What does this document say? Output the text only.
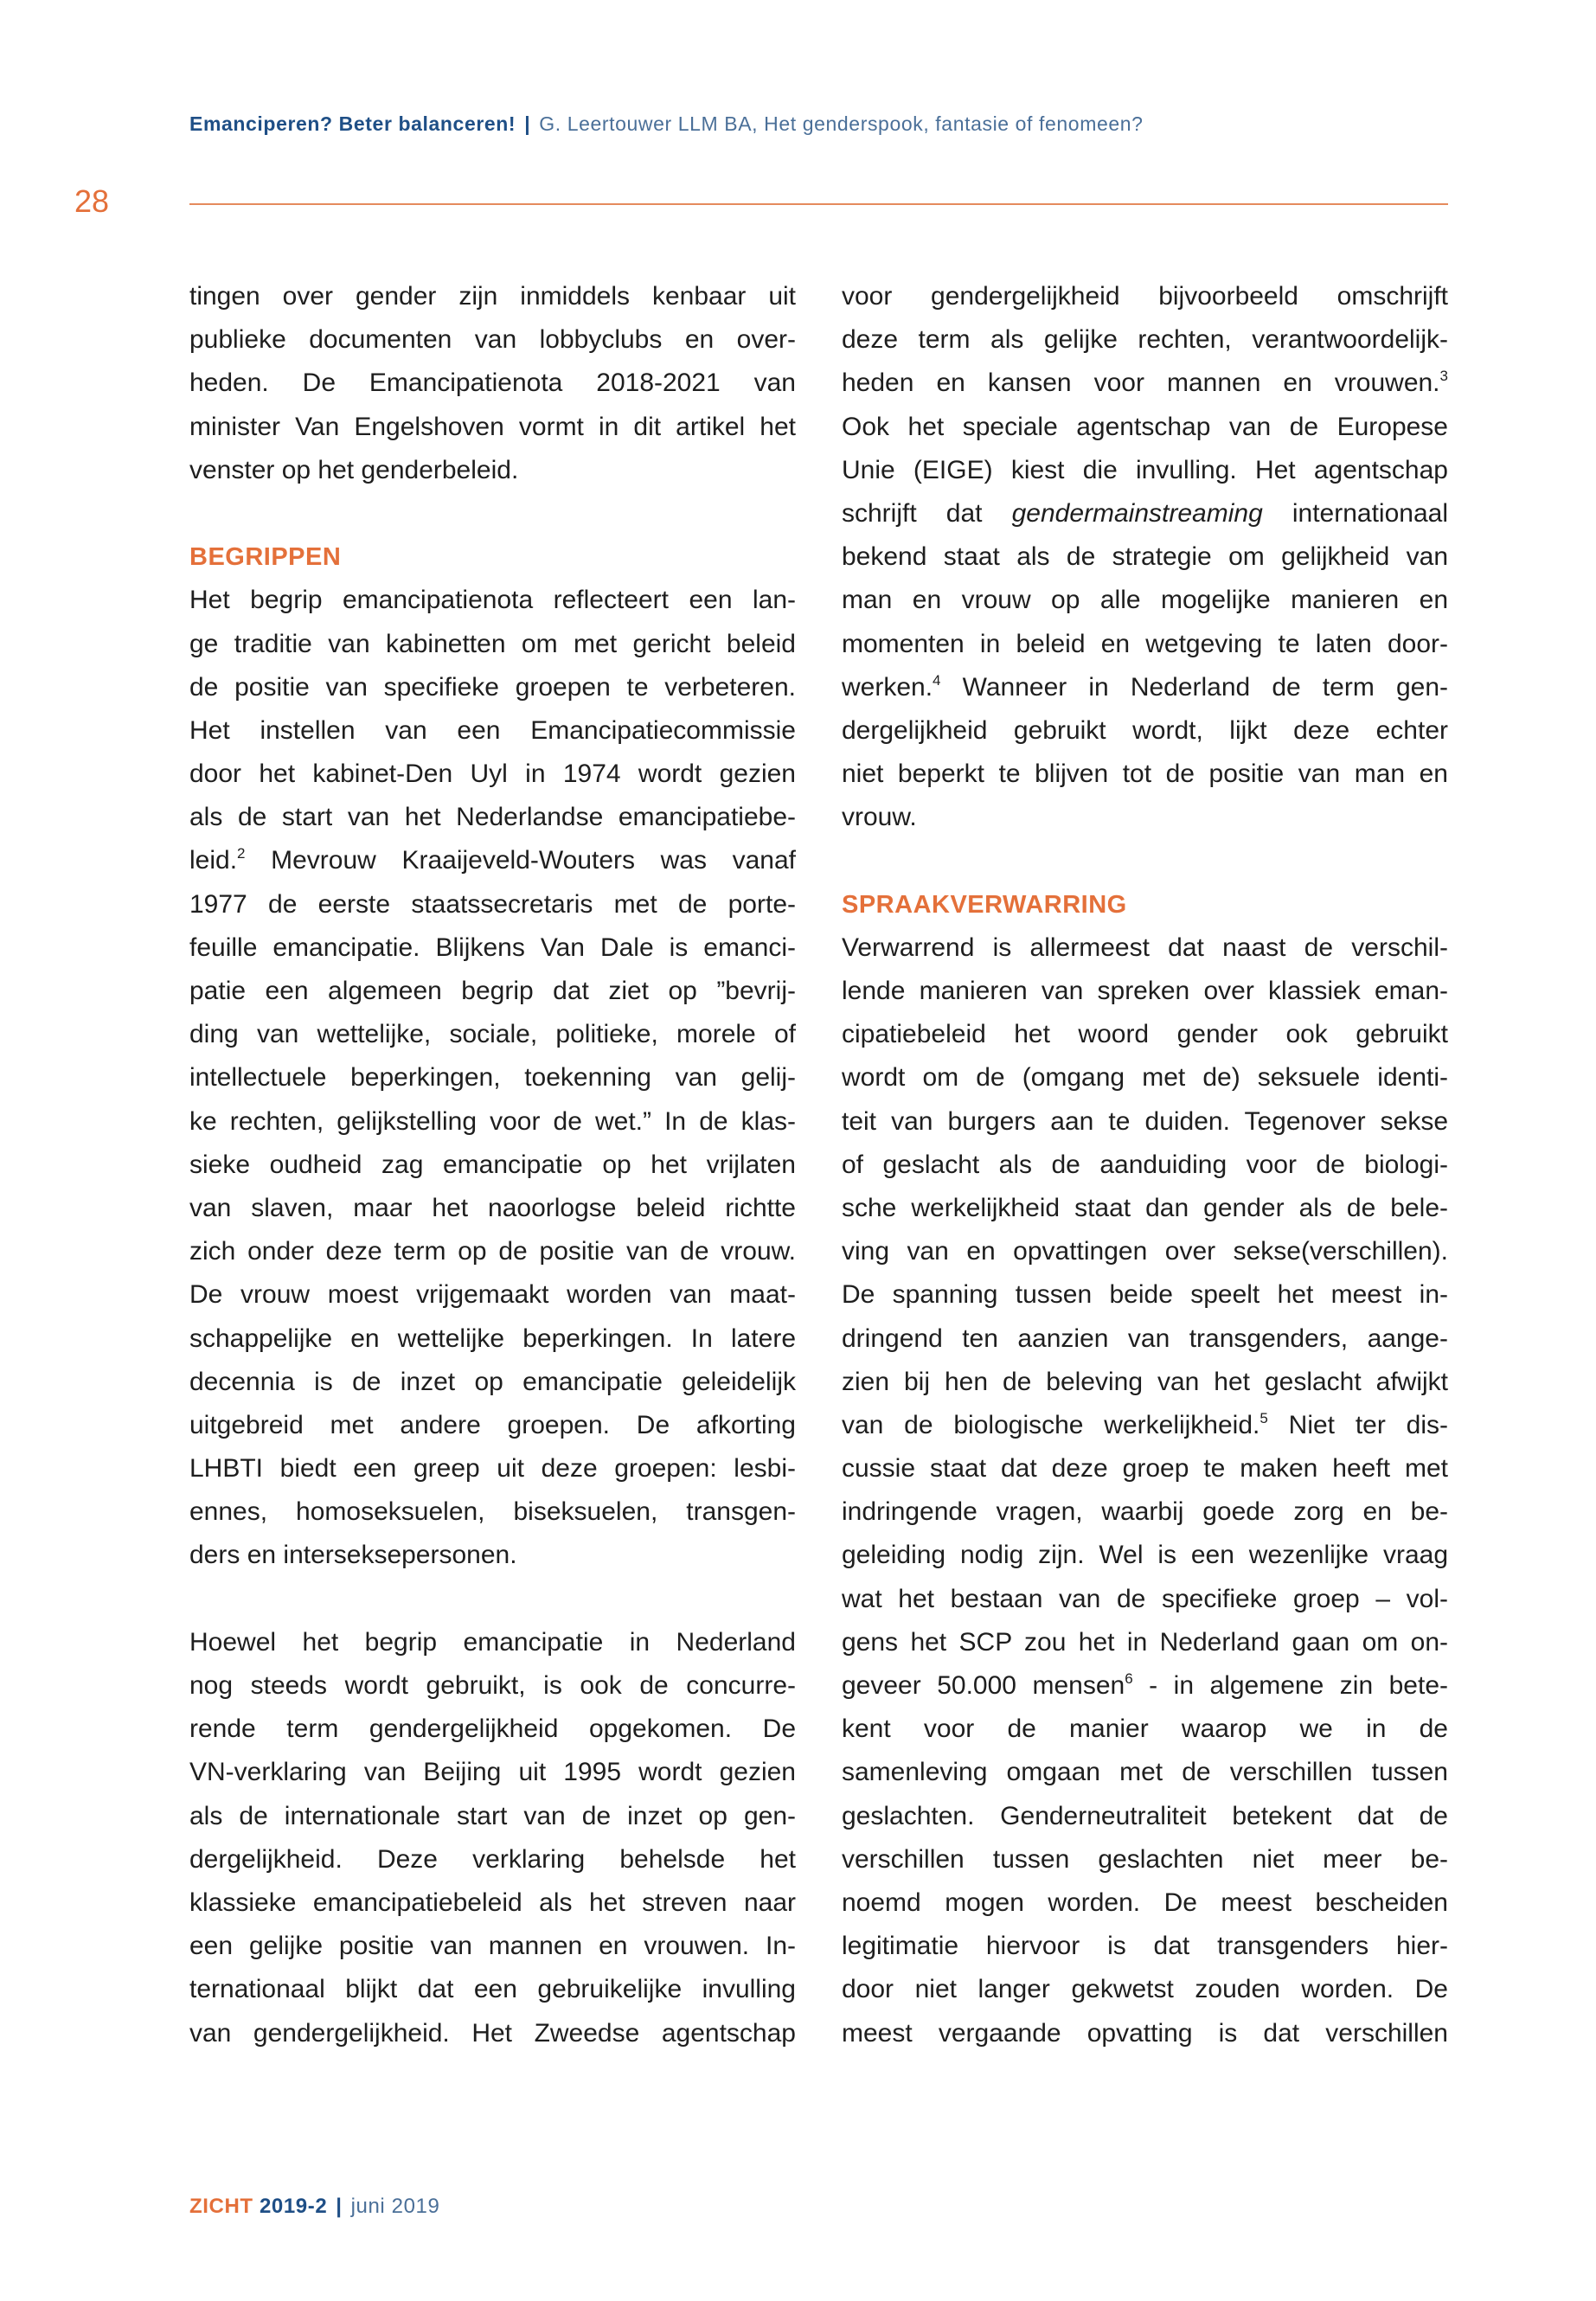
Emanciperen? Beter balanceren! | G. Leertouwer LLM BA, Het genderspook, fantasie of fenomeen?
28
tingen over gender zijn inmiddels kenbaar uit
publieke documenten van lobbyclubs en over-
heden. De Emancipatienota 2018-2021 van
minister Van Engelshoven vormt in dit artikel het
venster op het genderbeleid.
BEGRIPPEN
Het begrip emancipatienota reflecteert een lan-
ge traditie van kabinetten om met gericht beleid
de positie van specifieke groepen te verbeteren.
Het instellen van een Emancipatiecommissie
door het kabinet-Den Uyl in 1974 wordt gezien
als de start van het Nederlandse emancipatiebe-
leid.$^2$ Mevrouw Kraaijeveld-Wouters was vanaf
1977 de eerste staatssecretaris met de porte-
feuille emancipatie. Blijkens Van Dale is emanci-
patie een algemeen begrip dat ziet op ”bevrij-
ding van wettelijke, sociale, politieke, morele of
intellectuele beperkingen, toekenning van gelij-
ke rechten, gelijkstelling voor de wet.” In de klas-
sieke oudheid zag emancipatie op het vrijlaten
van slaven, maar het naoorlogse beleid richtte
zich onder deze term op de positie van de vrouw.
De vrouw moest vrijgemaakt worden van maat-
schappelijke en wettelijke beperkingen. In latere
decennia is de inzet op emancipatie geleidelijk
uitgebreid met andere groepen. De afkorting
LHBTI biedt een greep uit deze groepen: lesbi-
ennes, homoseksuelen, biseksuelen, transgen-
ders en interseksepersonen.
Hoewel het begrip emancipatie in Nederland
nog steeds wordt gebruikt, is ook de concurre-
rende term gendergelijkheid opgekomen. De
VN-verklaring van Beijing uit 1995 wordt gezien
als de internationale start van de inzet op gen-
dergelijkheid. Deze verklaring behelsde het
klassieke emancipatiebeleid als het streven naar
een gelijke positie van mannen en vrouwen. In-
ternationaal blijkt dat een gebruikelijke invulling
van gendergelijkheid. Het Zweedse agentschap
voor gendergelijkheid bijvoorbeeld omschrijft
deze term als gelijke rechten, verantwoordelijk-
heden en kansen voor mannen en vrouwen.$^3$
Ook het speciale agentschap van de Europese
Unie (EIGE) kiest die invulling. Het agentschap
schrijft dat gendermainstreaming internationaal
bekend staat als de strategie om gelijkheid van
man en vrouw op alle mogelijke manieren en
momenten in beleid en wetgeving te laten door-
werken.$^4$ Wanneer in Nederland de term gen-
dergelijkheid gebruikt wordt, lijkt deze echter
niet beperkt te blijven tot de positie van man en
vrouw.
SPRAAKVERWARRING
Verwarrend is allermeest dat naast de verschil-
lende manieren van spreken over klassiek eman-
cipatiebeleid het woord gender ook gebruikt
wordt om de (omgang met de) seksuele identi-
teit van burgers aan te duiden. Tegenover sekse
of geslacht als de aanduiding voor de biologi-
sche werkelijkheid staat dan gender als de bele-
ving van en opvattingen over sekse(verschillen).
De spanning tussen beide speelt het meest in-
dringend ten aanzien van transgenders, aange-
zien bij hen de beleving van het geslacht afwijkt
van de biologische werkelijkheid.$^5$ Niet ter dis-
cussie staat dat deze groep te maken heeft met
indringende vragen, waarbij goede zorg en be-
geleiding nodig zijn. Wel is een wezenlijke vraag
wat het bestaan van de specifieke groep – vol-
gens het SCP zou het in Nederland gaan om on-
geveer 50.000 mensen$^6$ - in algemene zin bete-
kent voor de manier waarop we in de
samenleving omgaan met de verschillen tussen
geslachten. Genderneutraliteit betekent dat de
verschillen tussen geslachten niet meer be-
noemd mogen worden. De meest bescheiden
legitimatie hiervoor is dat transgenders hier-
door niet langer gekwetst zouden worden. De
meest vergaande opvatting is dat verschillen
ZICHT 2019-2 | juni 2019
